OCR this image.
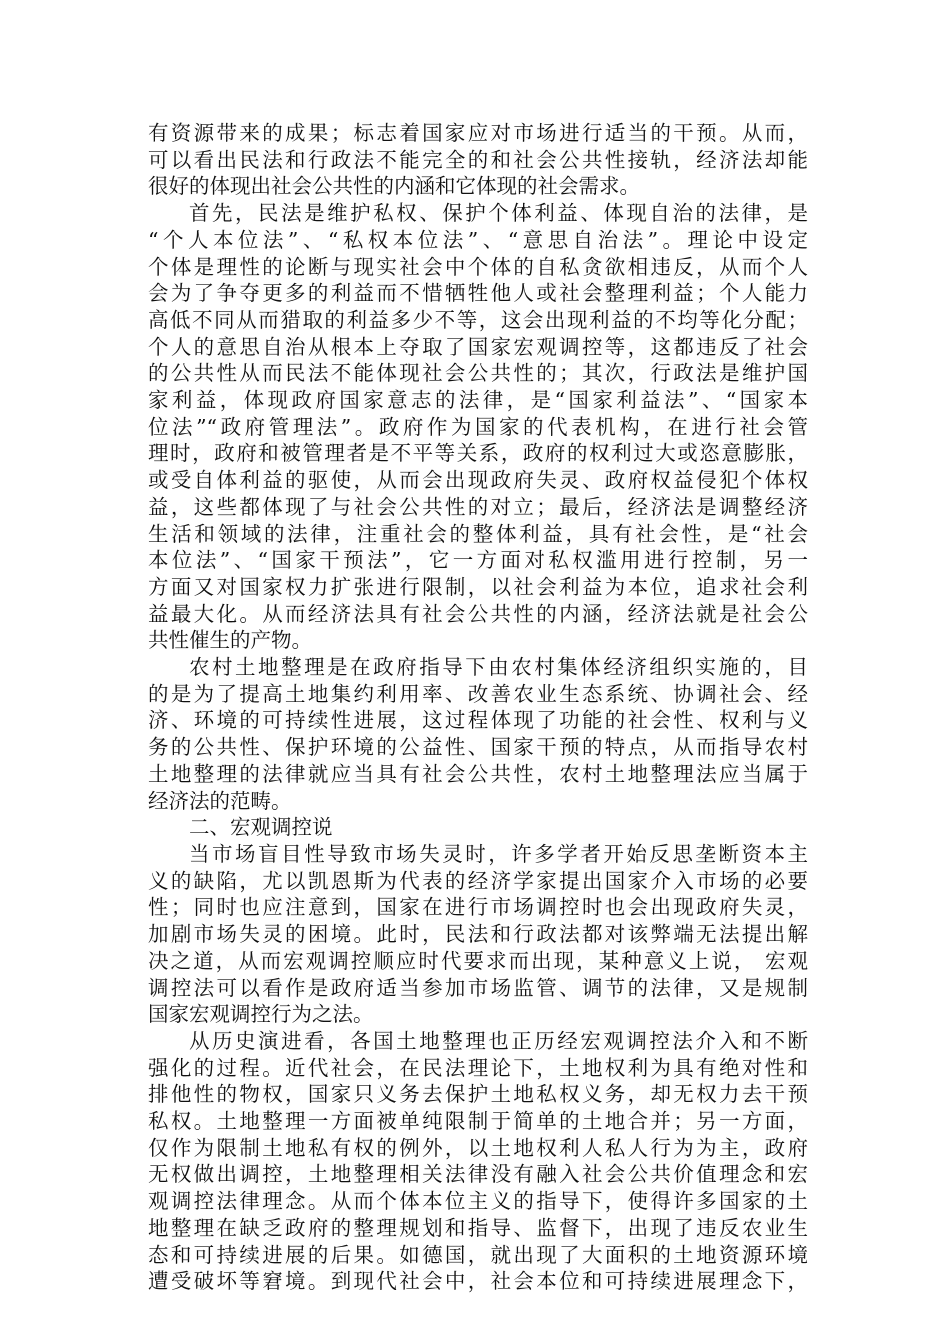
有资源带来的成果；标志着国家应对市场进行适当的干预。从而，
可以看出民法和行政法不能完全的和社会公共性接轨，经济法却能
很好的体现出社会公共性的内涵和它体现的社会需求。
首先，民法是维护私权、保护个体利益、体现自治的法律，是
“个人本位法”、“私权本位法”、“意思自治法”。理论中设定
个体是理性的论断与现实社会中个体的自私贪欲相违反，从而个人
会为了争夺更多的利益而不惜牺牲他人或社会整理利益；个人能力
高低不同从而猎取的利益多少不等，这会出现利益的不均等化分配；
个人的意思自治从根本上夺取了国家宏观调控等，这都违反了社会
的公共性从而民法不能体现社会公共性的；其次，行政法是维护国
家利益，体现政府国家意志的法律，是“国家利益法”、“国家本
位法”“政府管理法”。政府作为国家的代表机构，在进行社会管
理时，政府和被管理者是不平等关系，政府的权利过大或恣意膨胀，
或受自体利益的驱使，从而会出现政府失灵、政府权益侵犯个体权
益，这些都体现了与社会公共性的对立；最后，经济法是调整经济
生活和领域的法律，注重社会的整体利益，具有社会性，是“社会
本位法”、“国家干预法”，它一方面对私权滥用进行控制，另一
方面又对国家权力扩张进行限制，以社会利益为本位，追求社会利
益最大化。从而经济法具有社会公共性的内涵，经济法就是社会公
共性催生的产物。
农村土地整理是在政府指导下由农村集体经济组织实施的，目
的是为了提高土地集约利用率、改善农业生态系统、协调社会、经
济、环境的可持续性进展，这过程体现了功能的社会性、权利与义
务的公共性、保护环境的公益性、国家干预的特点，从而指导农村
土地整理的法律就应当具有社会公共性，农村土地整理法应当属于
经济法的范畴。
二、宏观调控说
当市场盲目性导致市场失灵时，许多学者开始反思垄断资本主
义的缺陷，尤以凯恩斯为代表的经济学家提出国家介入市场的必要
性；同时也应注意到，国家在进行市场调控时也会出现政府失灵，
加剧市场失灵的困境。此时，民法和行政法都对该弊端无法提出解
决之道，从而宏观调控顺应时代要求而出现，某种意义上说， 宏观
调控法可以看作是政府适当参加市场监管、调节的法律，又是规制
国家宏观调控行为之法。
从历史演进看，各国土地整理也正历经宏观调控法介入和不断
强化的过程。近代社会，在民法理论下，土地权利为具有绝对性和
排他性的物权，国家只义务去保护土地私权义务，却无权力去干预
私权。土地整理一方面被单纯限制于简单的土地合并；另一方面，
仅作为限制土地私有权的例外，以土地权利人私人行为为主，政府
无权做出调控，土地整理相关法律没有融入社会公共价值理念和宏
观调控法律理念。从而个体本位主义的指导下，使得许多国家的土
地整理在缺乏政府的整理规划和指导、监督下，出现了违反农业生
态和可持续进展的后果。如德国，就出现了大面积的土地资源环境
遭受破坏等窘境。到现代社会中，社会本位和可持续进展理念下，
